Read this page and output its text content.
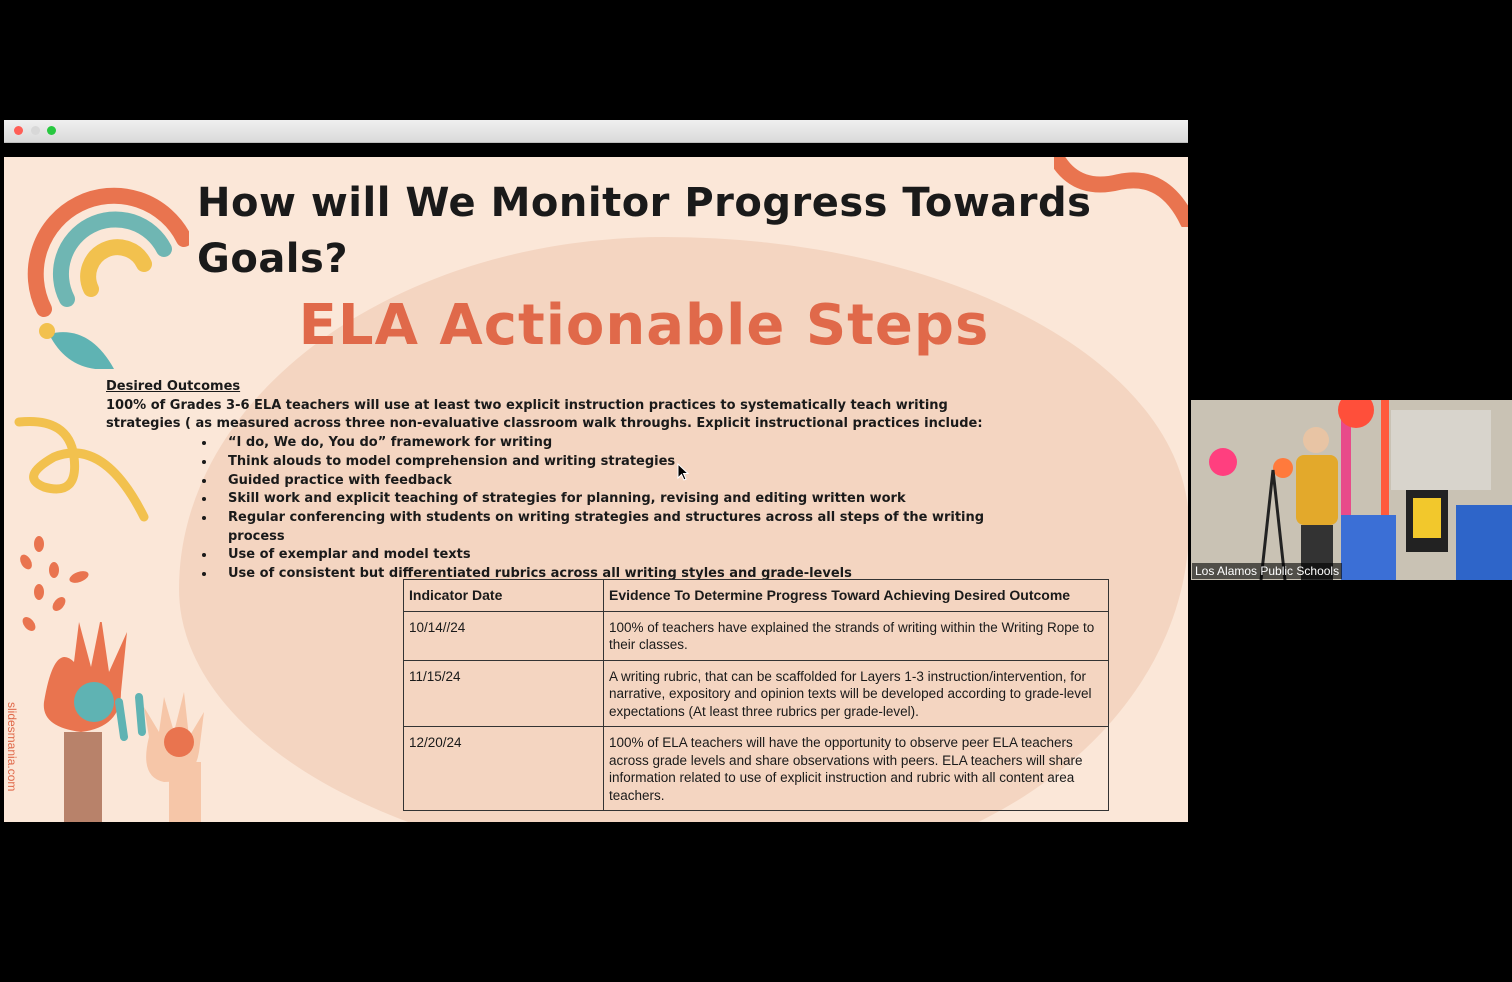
slidesmania.com
How will We Monitor Progress Towards Goals?
ELA Actionable Steps
Desired Outcomes
100% of Grades 3-6 ELA teachers will use at least two explicit instruction practices to systematically teach writing strategies ( as measured across three non-evaluative classroom walk throughs. Explicit instructional practices include:
• “I do, We do, You do” framework for writing
• Think alouds to model comprehension and writing strategies
• Guided practice with feedback
• Skill work and explicit teaching of strategies for planning, revising and editing written work
• Regular conferencing with students on writing strategies and structures across all steps of the writing process
• Use of exemplar and model texts
• Use of consistent but differentiated rubrics across all writing styles and grade-levels
Indicator Date	Evidence To Determine Progress Toward Achieving Desired Outcome
10/14//24	100% of teachers have explained the strands of writing within the Writing Rope to their classes.
11/15/24	A writing rubric, that can be scaffolded for Layers 1-3 instruction/intervention, for narrative, expository and opinion texts will be developed according to grade-level expectations (At least three rubrics per grade-level).
12/20/24	100% of ELA teachers will have the opportunity to observe peer ELA teachers across grade levels and share observations with peers. ELA teachers will share information related to use of explicit instruction and rubric with all content area teachers.
Los Alamos Public Schools
